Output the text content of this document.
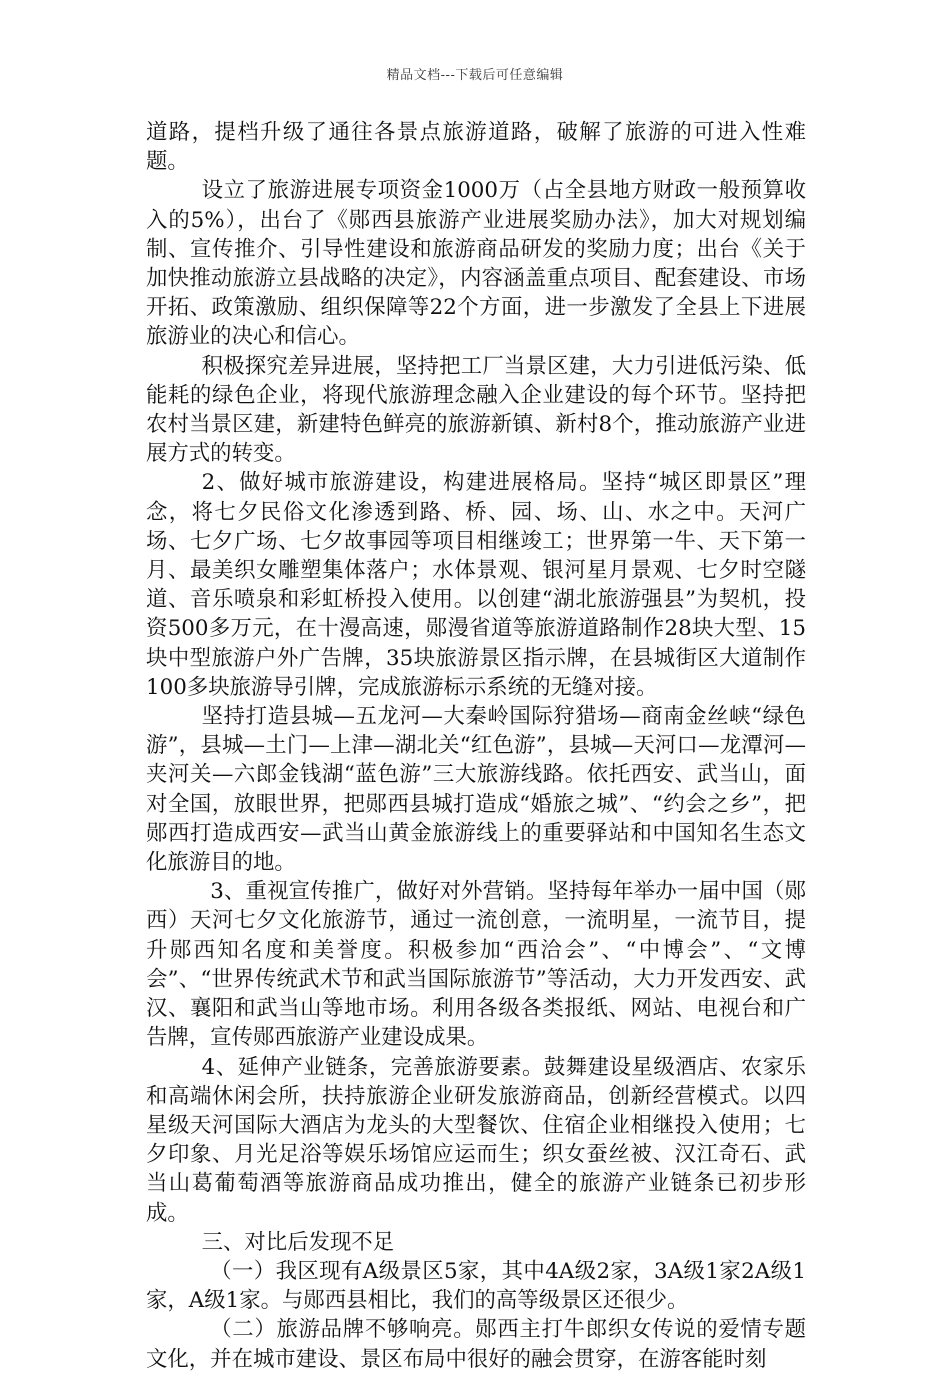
精品文档---下载后可任意编辑

道路，提档升级了通往各景点旅游道路，破解了旅游的可进入性难题。

设立了旅游进展专项资金1000万（占全县地方财政一般预算收入的5%），出台了《郧西县旅游产业进展奖励办法》，加大对规划编制、宣传推介、引导性建设和旅游商品研发的奖励力度；出台《关于加快推动旅游立县战略的决定》，内容涵盖重点项目、配套建设、市场开拓、政策激励、组织保障等22个方面，进一步激发了全县上下进展旅游业的决心和信心。

积极探究差异进展，坚持把工厂当景区建，大力引进低污染、低能耗的绿色企业，将现代旅游理念融入企业建设的每个环节。坚持把农村当景区建，新建特色鲜亮的旅游新镇、新村8个，推动旅游产业进展方式的转变。

2、做好城市旅游建设，构建进展格局。坚持“城区即景区”理念，将七夕民俗文化渗透到路、桥、园、场、山、水之中。天河广场、七夕广场、七夕故事园等项目相继竣工；世界第一牛、天下第一月、最美织女雕塑集体落户；水体景观、银河星月景观、七夕时空隧道、音乐喷泉和彩虹桥投入使用。以创建“湖北旅游强县”为契机，投资500多万元，在十漫高速，郧漫省道等旅游道路制作28块大型、15块中型旅游户外广告牌，35块旅游景区指示牌，在县城街区大道制作100多块旅游导引牌，完成旅游标示系统的无缝对接。

坚持打造县城—五龙河—大秦岭国际狩猎场—商南金丝峡“绿色游”，县城—土门—上津—湖北关“红色游”，县城—天河口—龙潭河—夹河关—六郎金钱湖“蓝色游”三大旅游线路。依托西安、武当山，面对全国，放眼世界，把郧西县城打造成“婚旅之城”、“约会之乡”，把郧西打造成西安—武当山黄金旅游线上的重要驿站和中国知名生态文化旅游目的地。

3、重视宣传推广，做好对外营销。坚持每年举办一届中国（郧西）天河七夕文化旅游节，通过一流创意，一流明星，一流节目，提升郧西知名度和美誉度。积极参加“西洽会”、“中博会”、“文博会”、“世界传统武术节和武当国际旅游节”等活动，大力开发西安、武汉、襄阳和武当山等地市场。利用各级各类报纸、网站、电视台和广告牌，宣传郧西旅游产业建设成果。

4、延伸产业链条，完善旅游要素。鼓舞建设星级酒店、农家乐和高端休闲会所，扶持旅游企业研发旅游商品，创新经营模式。以四星级天河国际大酒店为龙头的大型餐饮、住宿企业相继投入使用；七夕印象、月光足浴等娱乐场馆应运而生；织女蚕丝被、汉江奇石、武当山葛葡萄酒等旅游商品成功推出，健全的旅游产业链条已初步形成。

三、对比后发现不足

（一）我区现有A级景区5家，其中4A级2家，3A级1家2A级1家，A级1家。与郧西县相比，我们的高等级景区还很少。

（二）旅游品牌不够响亮。郧西主打牛郎织女传说的爱情专题文化，并在城市建设、景区布局中很好的融会贯穿，在游客能时刻
